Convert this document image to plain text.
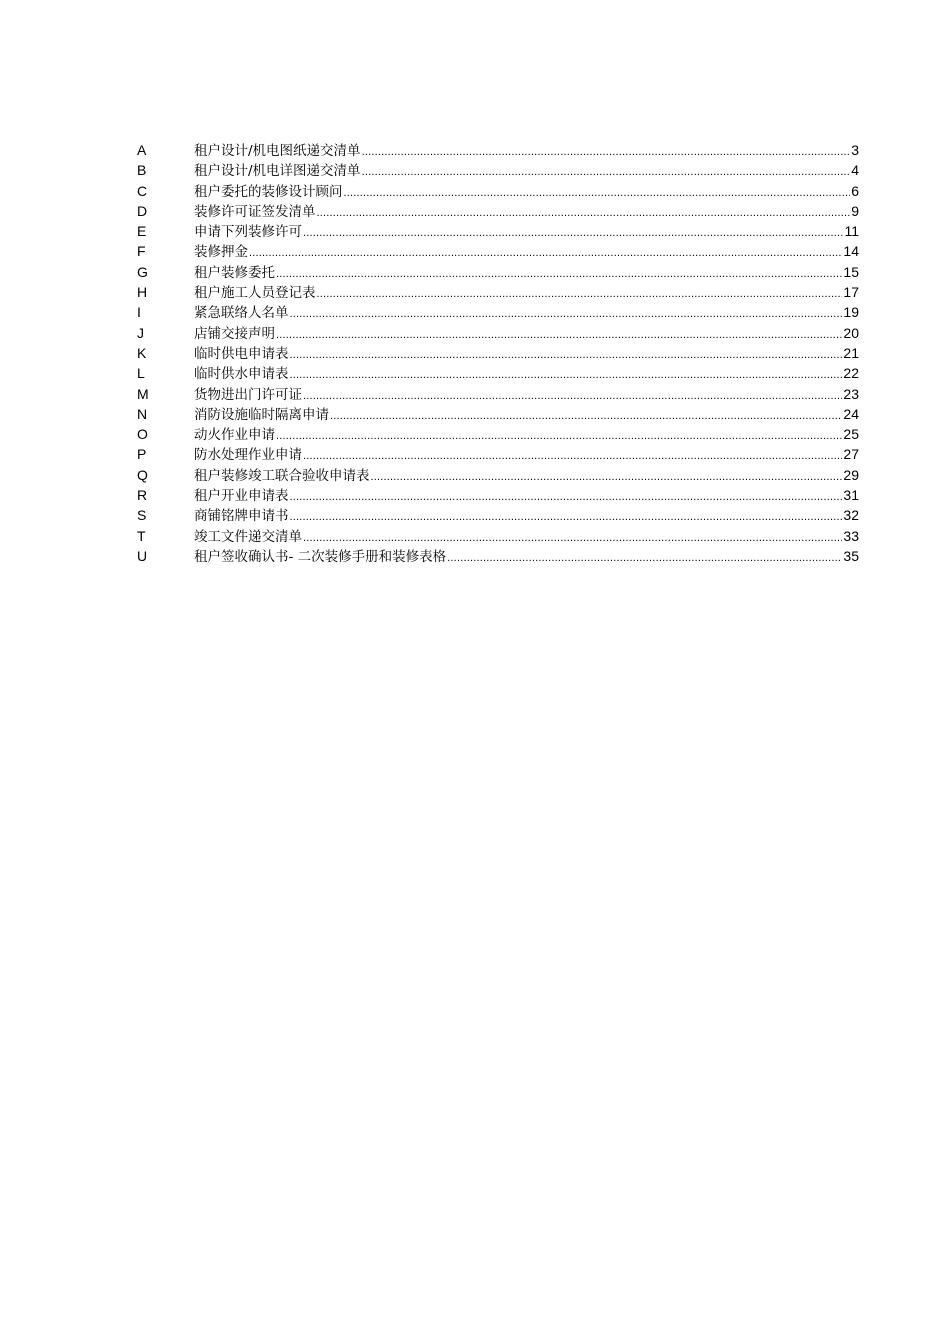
A	租户设计/机电图纸递交清单 .....	3
B	租户设计/机电详图递交清单 .....	4
C	租户委托的装修设计顾问 .....	6
D	装修许可证签发清单 .....	9
E	申请下列装修许可 .....	11
F	装修押金 .....	14
G	租户装修委托 .....	15
H	租户施工人员登记表 .....	17
I	紧急联络人名单 .....	19
J	店铺交接声明 .....	20
K	临时供电申请表 .....	21
L	临时供水申请表 .....	22
M	货物进出门许可证 .....	23
N	消防设施临时隔离申请 .....	24
O	动火作业申请 .....	25
P	防水处理作业申请 .....	27
Q	租户装修竣工联合验收申请表 .....	29
R	租户开业申请表 .....	31
S	商铺铭牌申请书 .....	32
T	竣工文件递交清单 .....	33
U	租户签收确认书- 二次装修手册和装修表格 .....	35
